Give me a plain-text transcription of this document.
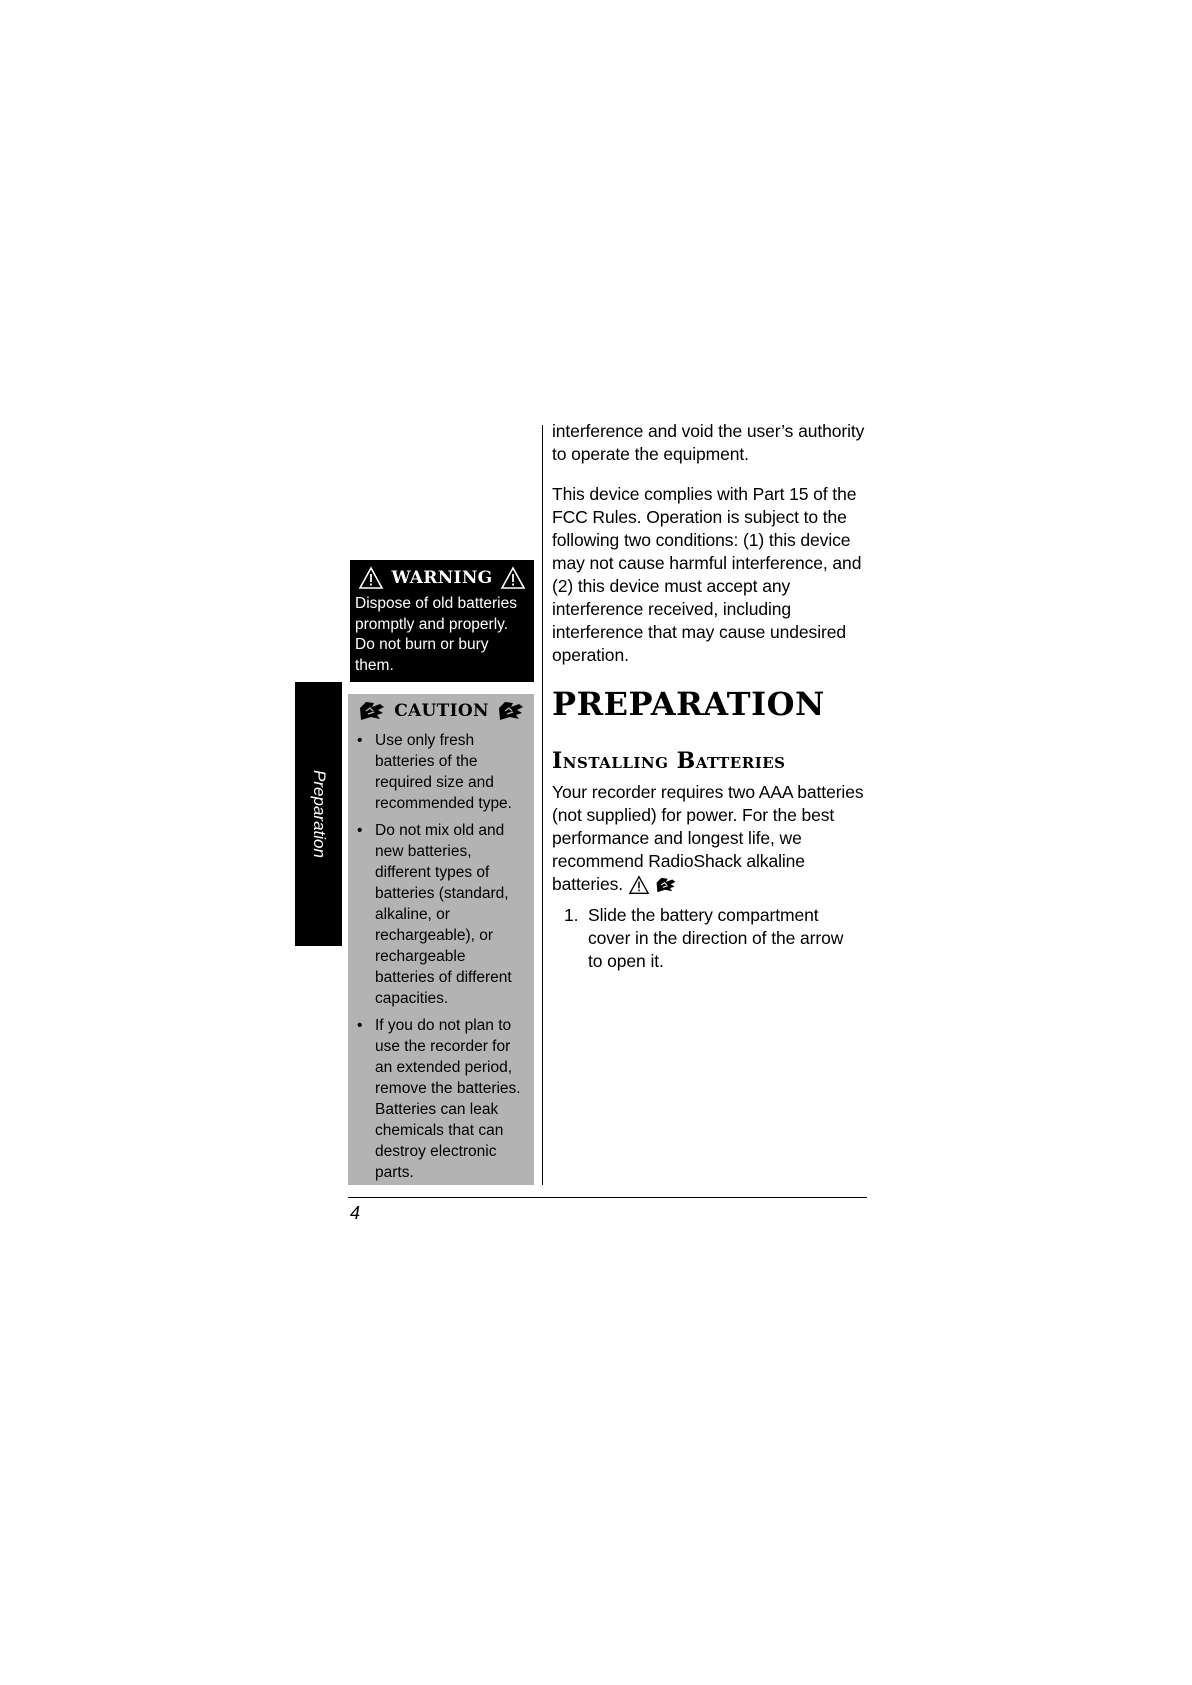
Preparation
WARNING
Dispose of old batteries promptly and properly. Do not burn or bury them.
CAUTION
• Use only fresh batteries of the required size and recommended type.
• Do not mix old and new batteries, different types of batteries (standard, alkaline, or rechargeable), or rechargeable batteries of different capacities.
• If you do not plan to use the recorder for an extended period, remove the batteries. Batteries can leak chemicals that can destroy electronic parts.

interference and void the user’s authority to operate the equipment.

This device complies with Part 15 of the FCC Rules. Operation is subject to the following two conditions: (1) this device may not cause harmful interference, and (2) this device must accept any interference received, including interference that may cause undesired operation.

PREPARATION
Installing Batteries
Your recorder requires two AAA batteries (not supplied) for power. For the best performance and longest life, we recommend RadioShack alkaline batteries.
1. Slide the battery compartment cover in the direction of the arrow to open it.
4
